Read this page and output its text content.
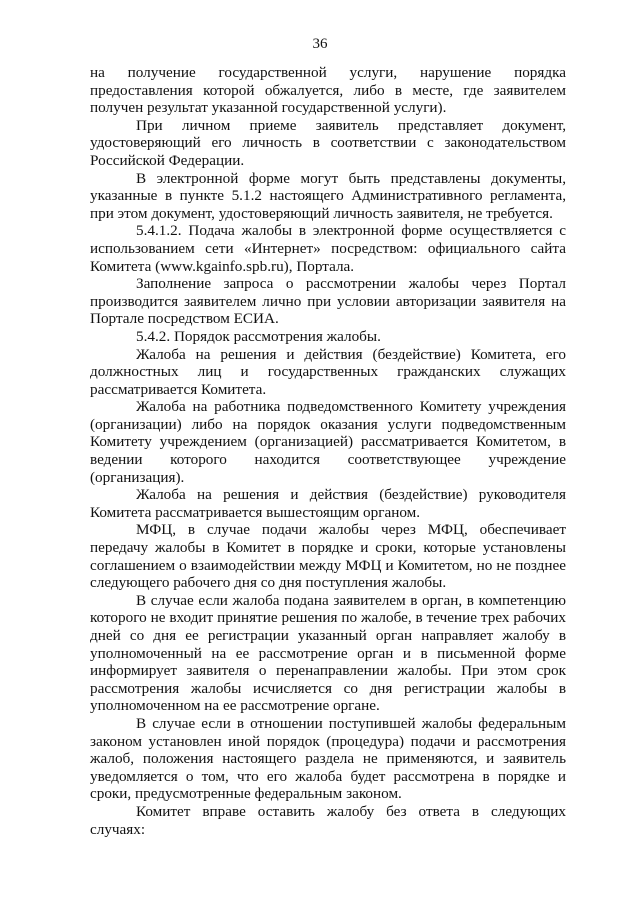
36

на получение государственной услуги, нарушение порядка предоставления которой обжалуется, либо в месте, где заявителем получен результат указанной государственной услуги).

При личном приеме заявитель представляет документ, удостоверяющий его личность в соответствии с законодательством Российской Федерации.

В электронной форме могут быть представлены документы, указанные в пункте 5.1.2 настоящего Административного регламента, при этом документ, удостоверяющий личность заявителя, не требуется.

5.4.1.2. Подача жалобы в электронной форме осуществляется с использованием сети «Интернет» посредством: официального сайта Комитета (www.kgainfo.spb.ru), Портала.

Заполнение запроса о рассмотрении жалобы через Портал производится заявителем лично при условии авторизации заявителя на Портале посредством ЕСИА.

5.4.2. Порядок рассмотрения жалобы.

Жалоба на решения и действия (бездействие) Комитета, его должностных лиц и государственных гражданских служащих рассматривается Комитета.

Жалоба на работника подведомственного Комитету учреждения (организации) либо на порядок оказания услуги подведомственным Комитету учреждением (организацией) рассматривается Комитетом, в ведении которого находится соответствующее учреждение (организация).

Жалоба на решения и действия (бездействие) руководителя Комитета рассматривается вышестоящим органом.

МФЦ, в случае подачи жалобы через МФЦ, обеспечивает передачу жалобы в Комитет в порядке и сроки, которые установлены соглашением о взаимодействии между МФЦ и Комитетом, но не позднее следующего рабочего дня со дня поступления жалобы.

В случае если жалоба подана заявителем в орган, в компетенцию которого не входит принятие решения по жалобе, в течение трех рабочих дней со дня ее регистрации указанный орган направляет жалобу в уполномоченный на ее рассмотрение орган и в письменной форме информирует заявителя о перенаправлении жалобы. При этом срок рассмотрения жалобы исчисляется со дня регистрации жалобы в уполномоченном на ее рассмотрение органе.

В случае если в отношении поступившей жалобы федеральным законом установлен иной порядок (процедура) подачи и рассмотрения жалоб, положения настоящего раздела не применяются, и заявитель уведомляется о том, что его жалоба будет рассмотрена в порядке и сроки, предусмотренные федеральным законом.

Комитет вправе оставить жалобу без ответа в следующих случаях:
